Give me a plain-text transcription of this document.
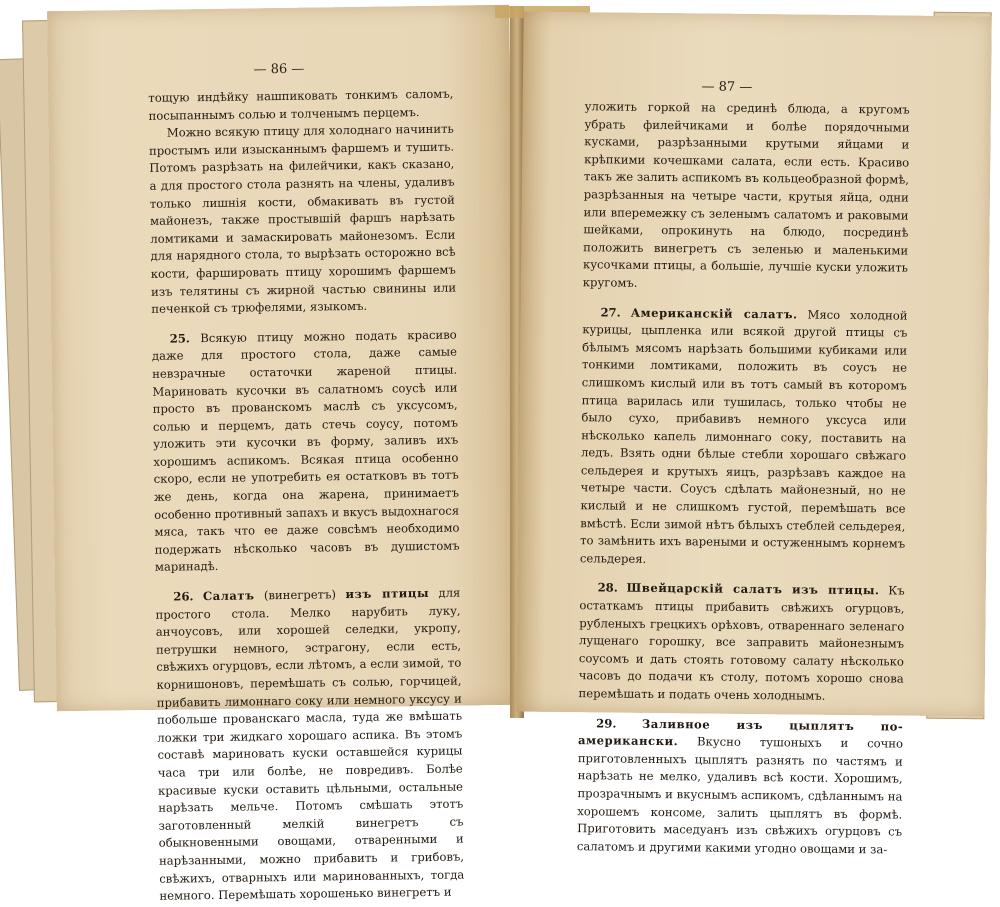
— 86 —

тощую индѣйку нашпиковать тонкимъ саломъ, посыпаннымъ солью и толченымъ перцемъ.

Можно всякую птицу для холоднаго начинить простымъ или изысканнымъ фаршемъ и тушить. Потомъ разрѣзать на филейчики, какъ сказано, а для простого стола разнять на члены, удаливъ только лишнія кости, обмакивать въ густой майонезъ, также простывшій фаршъ нарѣзать ломтиками и замаскировать майонезомъ. Если для нарядного стола, то вырѣзать осторожно всѣ кости, фаршировать птицу хорошимъ фаршемъ изъ телятины съ жирной частью свинины или печенкой съ трюфелями, языкомъ.

25. Всякую птицу можно подать красиво даже для простого стола, даже самые невзрачные остаточки жареной птицы. Мариновать кусочки въ салатномъ соусѣ или просто въ прованскомъ маслѣ съ уксусомъ, солью и перцемъ, дать стечь соусу, потомъ уложить эти кусочки въ форму, заливъ ихъ хорошимъ аспикомъ. Всякая птица особенно скоро, если не употребить ея остатковъ въ тотъ же день, когда она жарена, принимаетъ особенно противный запахъ и вкусъ выдохнагося мяса, такъ что ее даже совсѣмъ необходимо подержать нѣсколько часовъ въ душистомъ маринадѣ.

26. Салатъ (винегретъ) изъ птицы для простого стола. Мелко нарубить луку, анчоусовъ, или хорошей селедки, укропу, петрушки немного, эстрагону, если есть, свѣжихъ огурцовъ, если лѣтомъ, а если зимой, то корнишоновъ, перемѣшать съ солью, горчицей, прибавить лимоннаго соку или немного уксусу и побольше прованскаго масла, туда же вмѣшать ложки три жидкаго хорошаго аспика. Въ этомъ составѣ мариновать куски оставшейся курицы часа три или болѣе, не повредивъ. Болѣе красивые куски оставить цѣльными, остальные нарѣзать мельче. Потомъ смѣшать этотъ заготовленный мелкій винегретъ съ обыкновенными овощами, отваренными и нарѣзанными, можно прибавить и грибовъ, свѣжихъ, отварныхъ или маринованныхъ, тогда немного. Перемѣшать хорошенько винегретъ и

— 87 —

уложить горкой на срединѣ блюда, а кругомъ убрать филейчиками и болѣе порядочными кусками, разрѣзанными крутыми яйцами и крѣпкими кочешками салата, если есть. Красиво такъ же залить аспикомъ въ кольцеобразной формѣ, разрѣзанныя на четыре части, крутыя яйца, одни или вперемежку съ зеленымъ салатомъ и раковыми шейками, опрокинуть на блюдо, посрединѣ положить винегретъ съ зеленью и маленькими кусочками птицы, а большіе, лучшіе куски уложить кругомъ.

27. Американскій салатъ. Мясо холодной курицы, цыпленка или всякой другой птицы съ бѣлымъ мясомъ нарѣзать большими кубиками или тонкими ломтиками, положить въ соусъ не слишкомъ кислый или въ тотъ самый въ которомъ птица варилась или тушилась, только чтобы не было сухо, прибавивъ немного уксуса или нѣсколько капель лимоннаго соку, поставить на ледъ. Взять одни бѣлые стебли хорошаго свѣжаго сельдерея и крутыхъ яицъ, разрѣзавъ каждое на четыре части. Соусъ сдѣлать майонезный, но не кислый и не слишкомъ густой, перемѣшать все вмѣстѣ. Если зимой нѣтъ бѣлыхъ стеблей сельдерея, то замѣнить ихъ вареными и остуженнымъ корнемъ сельдерея.

28. Швейцарскій салатъ изъ птицы. Къ остаткамъ птицы прибавить свѣжихъ огурцовъ, рубленыхъ грецкихъ орѣховъ, отвареннаго зеленаго лущенаго горошку, все заправить майонезнымъ соусомъ и дать стоять готовому салату нѣсколько часовъ до подачи къ столу, потомъ хорошо снова перемѣшать и подать очень холоднымъ.

29. Заливное изъ цыплятъ по-американски. Вкусно тушоныхъ и сочно приготовленныхъ цыплятъ разнять по частямъ и нарѣзать не мелко, удаливъ всѣ кости. Хорошимъ, прозрачнымъ и вкуснымъ аспикомъ, сдѣланнымъ на хорошемъ консоме, залить цыплятъ въ формѣ. Приготовить маседуанъ изъ свѣжихъ огурцовъ съ салатомъ и другими какими угодно овощами и за-
